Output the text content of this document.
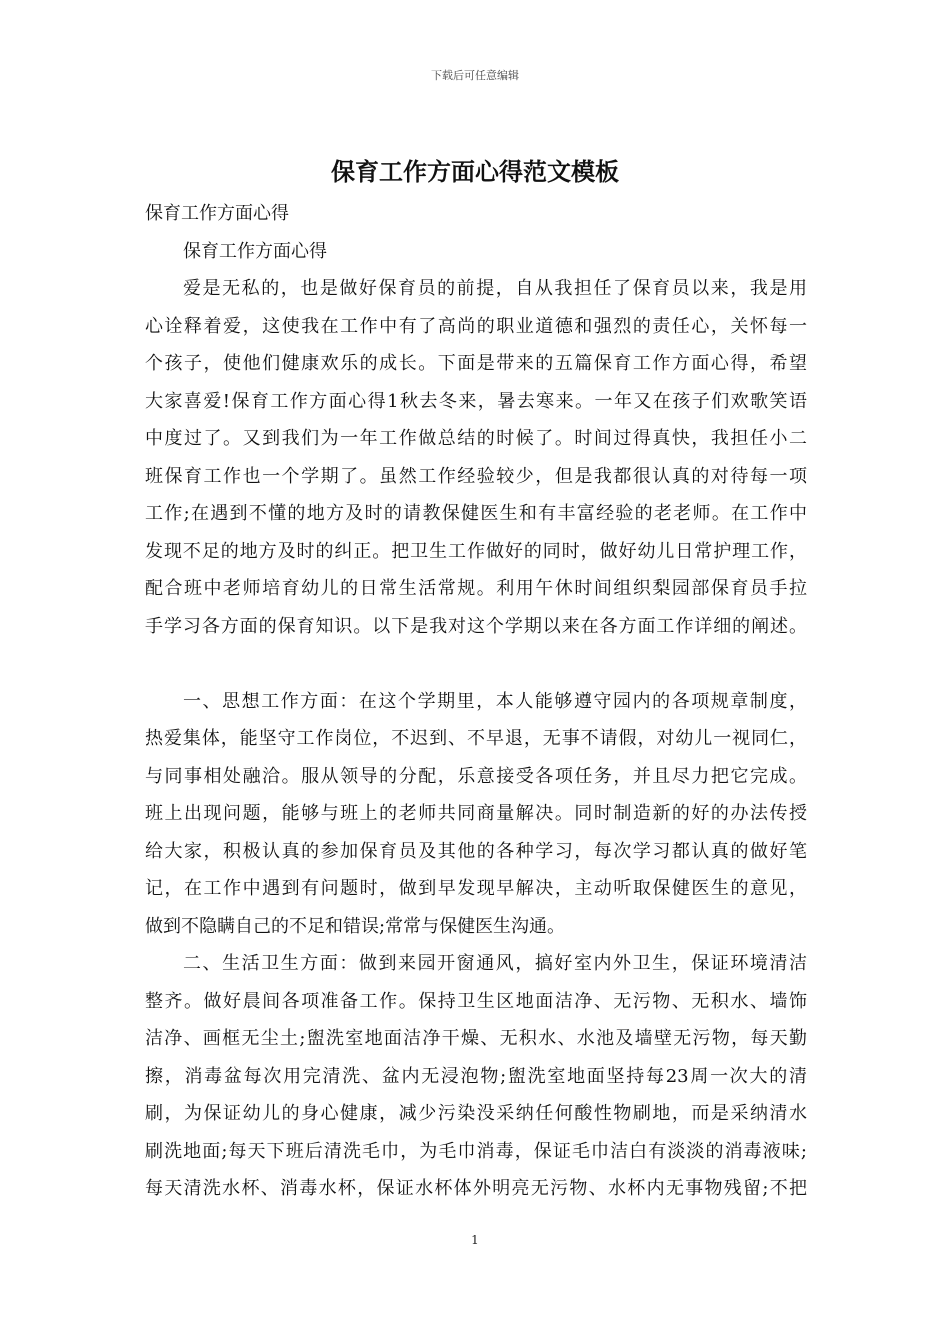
下载后可任意编辑
保育工作方面心得范文模板
保育工作方面心得
保育工作方面心得
爱是无私的，也是做好保育员的前提，自从我担任了保育员以来，我是用
心诠释着爱，这使我在工作中有了高尚的职业道德和强烈的责任心，关怀每一
个孩子，使他们健康欢乐的成长。下面是带来的五篇保育工作方面心得，希望
大家喜爱!保育工作方面心得1秋去冬来，暑去寒来。一年又在孩子们欢歌笑语
中度过了。又到我们为一年工作做总结的时候了。时间过得真快，我担任小二
班保育工作也一个学期了。虽然工作经验较少，但是我都很认真的对待每一项
工作;在遇到不懂的地方及时的请教保健医生和有丰富经验的老老师。在工作中
发现不足的地方及时的纠正。把卫生工作做好的同时，做好幼儿日常护理工作，
配合班中老师培育幼儿的日常生活常规。利用午休时间组织梨园部保育员手拉
手学习各方面的保育知识。以下是我对这个学期以来在各方面工作详细的阐述。
一、思想工作方面：在这个学期里，本人能够遵守园内的各项规章制度，
热爱集体，能坚守工作岗位，不迟到、不早退，无事不请假，对幼儿一视同仁，
与同事相处融洽。服从领导的分配，乐意接受各项任务，并且尽力把它完成。
班上出现问题，能够与班上的老师共同商量解决。同时制造新的好的办法传授
给大家，积极认真的参加保育员及其他的各种学习，每次学习都认真的做好笔
记，在工作中遇到有问题时，做到早发现早解决，主动听取保健医生的意见，
做到不隐瞒自己的不足和错误;常常与保健医生沟通。
二、生活卫生方面：做到来园开窗通风，搞好室内外卫生，保证环境清洁
整齐。做好晨间各项准备工作。保持卫生区地面洁净、无污物、无积水、墙饰
洁净、画框无尘土;盥洗室地面洁净干燥、无积水、水池及墙壁无污物，每天勤
擦，消毒盆每次用完清洗、盆内无浸泡物;盥洗室地面坚持每23周一次大的清
刷，为保证幼儿的身心健康，减少污染没采纳任何酸性物刷地，而是采纳清水
刷洗地面;每天下班后清洗毛巾，为毛巾消毒，保证毛巾洁白有淡淡的消毒液味;
每天清洗水杯、消毒水杯，保证水杯体外明亮无污物、水杯内无事物残留;不把
1
